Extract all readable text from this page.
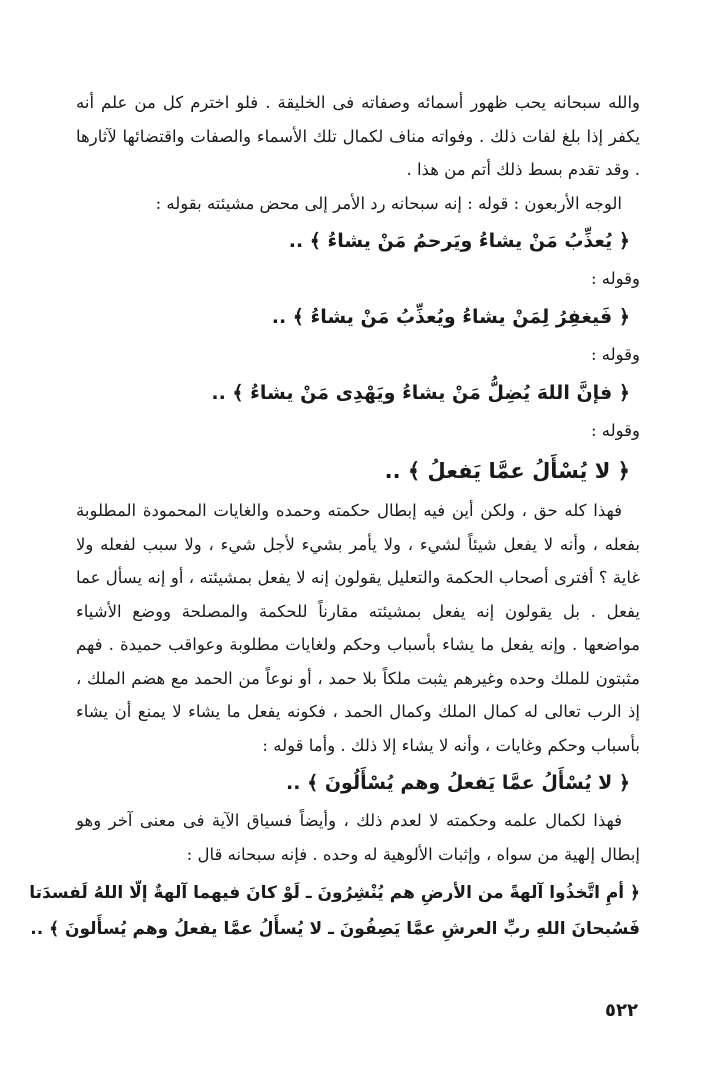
والله سبحانه يحب ظهور أسمائه وصفاته فى الخليقة . فلو اخترم كل من علم أنه يكفر إذا بلغ لفات ذلك . وفواته مناف لكمال تلك الأسماء والصفات واقتضائها لآثارها . وقد تقدم بسط ذلك أتم من هذا .

الوجه الأربعون : قوله : إنه سبحانه رد الأمر إلى محض مشيئته بقوله :

﴿ يُعذِّبُ مَنْ يشاءُ ويَرحمُ مَنْ يشاءُ ﴾ ..

وقوله :

﴿ فَيغفِرُ لِمَنْ يشاءُ ويُعذِّبُ مَنْ يشاءُ ﴾ ..

وقوله :

﴿ فإنَّ اللهَ يُضِلُّ مَنْ يشاءُ ويَهْدِى مَنْ يشاءُ ﴾ ..

وقوله :

﴿ لا يُسْأَلُ عمَّا يَفعلُ ﴾ ..

فهذا كله حق ، ولكن أين فيه إبطال حكمته وحمده والغايات المحمودة المطلوبة بفعله ، وأنه لا يفعل شيئاً لشيء ، ولا يأمر بشيء لأجل شيء ، ولا سبب لفعله ولا غاية ؟ أفترى أصحاب الحكمة والتعليل يقولون إنه لا يفعل بمشيئته ، أو إنه يسأل عما يفعل . بل يقولون إنه يفعل بمشيئته مقارناً للحكمة والمصلحة ووضع الأشياء مواضعها . وإنه يفعل ما يشاء بأسباب وحكم ولغايات مطلوبة وعواقب حميدة . فهم مثبتون للملك وحده وغيرهم يثبت ملكاً بلا حمد ، أو نوعاً من الحمد مع هضم الملك ، إذ الرب تعالى له كمال الملك وكمال الحمد ، فكونه يفعل ما يشاء لا يمنع أن يشاء بأسباب وحكم وغايات ، وأنه لا يشاء إلا ذلك . وأما قوله :

﴿ لا يُسْأَلُ عمَّا يَفعلُ وهم يُسْأَلُونَ ﴾ ..

فهذا لكمال علمه وحكمته لا لعدم ذلك ، وأيضاً فسياق الآية فى معنى آخر وهو إبطال إلهية من سواه ، وإثبات الألوهية له وحده . فإنه سبحانه قال :

﴿ أمِ اتَّخذُوا آلهةً من الأرضِ هم يُنْشِرُونَ ـ لَوْ كانَ فيهما آلهةٌ إلّا اللهُ لَفسدَتا
فَسُبحانَ اللهِ ربِّ العرشِ عمَّا يَصِفُونَ ـ لا يُسأَلُ عمَّا يفعلُ وهم يُسأَلونَ ﴾ ..
٥٢٢
